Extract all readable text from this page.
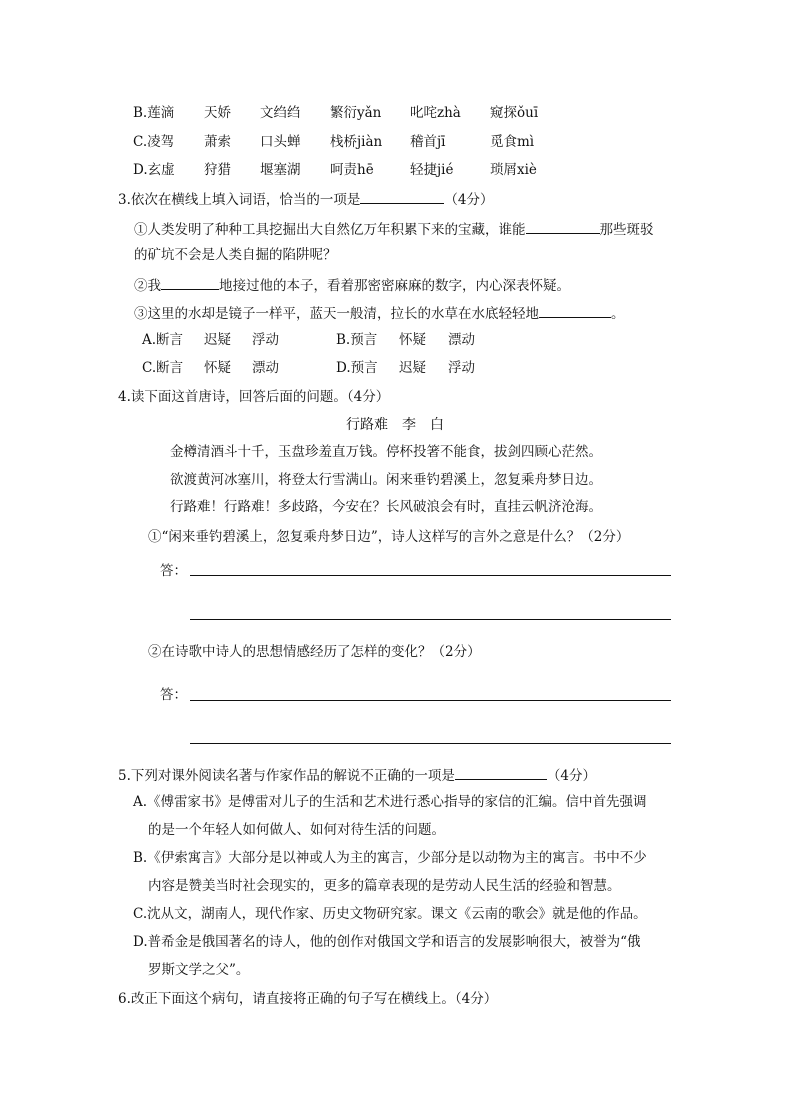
B.莲滴 天娇 文绉绉 繁衍yǎn 叱咤zhà 窥探ǒuī
C.凌驾 萧索 口头蝉 栈桥jiàn 稽首jī	觅食mì
D.玄虚 狩猎 堰塞湖 呵责hē	轻捷jié	琐屑xiè
3.依次在横线上填入词语，恰当的一项是	（4分）
①人类发明了种种工具挖掘出大自然亿万年积累下来的宝藏，谁能	那些斑驳
的矿坑不会是人类自掘的陷阱呢？
②我	地接过他的本子，看着那密密麻麻的数字，内心深表怀疑。
③这里的水却是镜子一样平，蓝天一般清，拉长的水草在水底轻轻地	。
A.断言 迟疑 浮动	B.预言 怀疑 漂动
C.断言 怀疑 漂动	D.预言 迟疑 浮动
4.读下面这首唐诗，回答后面的问题。（4分）
行路难　李　白
金樽清酒斗十千，玉盘珍羞直万钱。停杯投箸不能食，拔剑四顾心茫然。
欲渡黄河冰塞川，将登太行雪满山。闲来垂钓碧溪上，忽复乘舟梦日边。
行路难！行路难！多歧路，今安在？长风破浪会有时，直挂云帆济沧海。
①“闲来垂钓碧溪上，忽复乘舟梦日边”，诗人这样写的言外之意是什么？（2分）
答：
②在诗歌中诗人的思想情感经历了怎样的变化？（2分）
答：
5.下列对课外阅读名著与作家作品的解说不正确的一项是	（4分）
A.《傅雷家书》是傅雷对儿子的生活和艺术进行悉心指导的家信的汇编。信中首先强调
的是一个年轻人如何做人、如何对待生活的问题。
B.《伊索寓言》大部分是以神或人为主的寓言，少部分是以动物为主的寓言。书中不少
内容是赞美当时社会现实的，更多的篇章表现的是劳动人民生活的经验和智慧。
C.沈从文，湖南人，现代作家、历史文物研究家。课文《云南的歌会》就是他的作品。
D.普希金是俄国著名的诗人，他的创作对俄国文学和语言的发展影响很大，被誉为“俄
罗斯文学之父”。
6.改正下面这个病句，请直接将正确的句子写在横线上。（4分）
